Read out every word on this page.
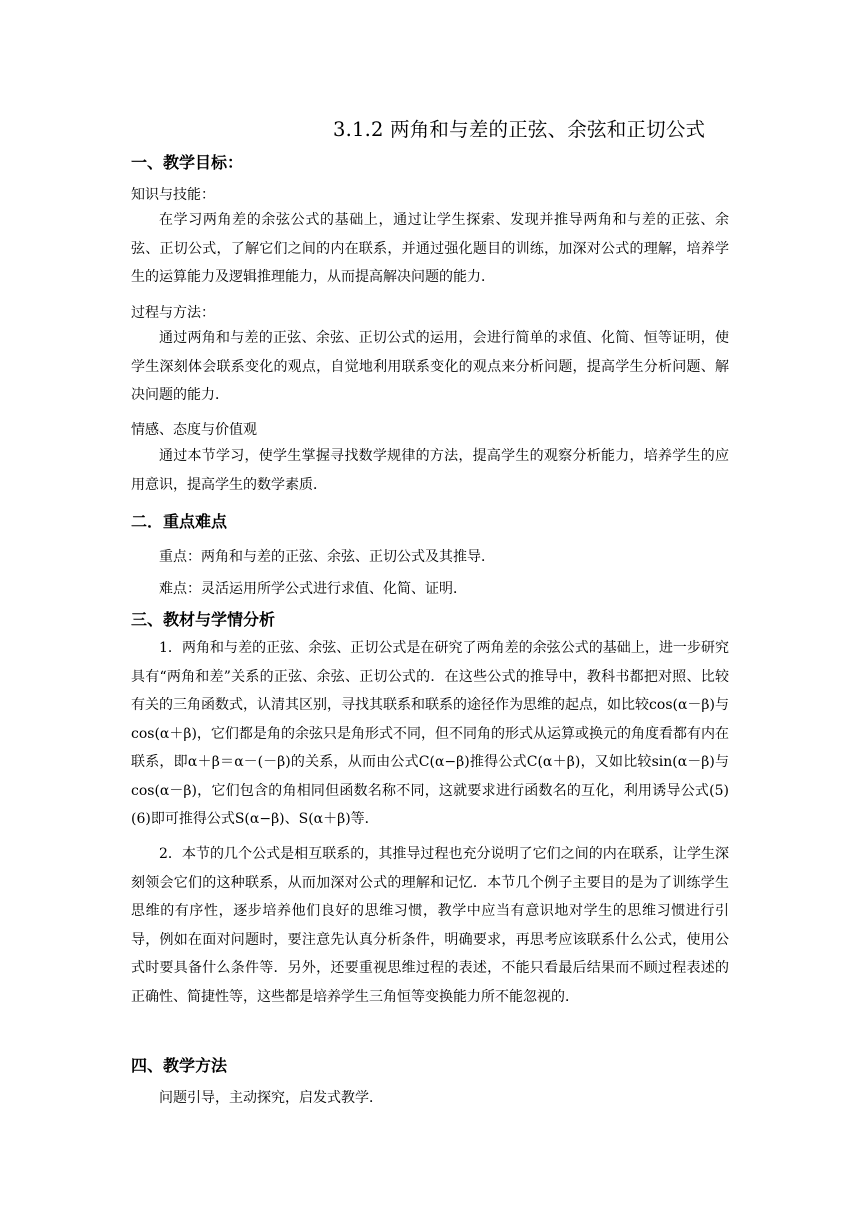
3.1.2 两角和与差的正弦、余弦和正切公式
一、教学目标：
知识与技能：

在学习两角差的余弦公式的基础上，通过让学生探索、发现并推导两角和与差的正弦、余弦、正切公式，了解它们之间的内在联系，并通过强化题目的训练，加深对公式的理解，培养学生的运算能力及逻辑推理能力，从而提高解决问题的能力．

过程与方法：

通过两角和与差的正弦、余弦、正切公式的运用，会进行简单的求值、化简、恒等证明，使学生深刻体会联系变化的观点，自觉地利用联系变化的观点来分析问题，提高学生分析问题、解决问题的能力．

情感、态度与价值观

通过本节学习，使学生掌握寻找数学规律的方法，提高学生的观察分析能力，培养学生的应用意识，提高学生的数学素质．

二．重点难点
重点：两角和与差的正弦、余弦、正切公式及其推导．
难点：灵活运用所学公式进行求值、化简、证明．
三、教材与学情分析

1．两角和与差的正弦、余弦、正切公式是在研究了两角差的余弦公式的基础上，进一步研究具有“两角和差”关系的正弦、余弦、正切公式的．在这些公式的推导中，教科书都把对照、比较有关的三角函数式，认清其区别，寻找其联系和联系的途径作为思维的起点，如比较cos(α－β)与cos(α＋β)，它们都是角的余弦只是角形式不同，但不同角的形式从运算或换元的角度看都有内在联系，即α＋β＝α－(－β)的关系，从而由公式C(α−β)推得公式C(α＋β)，又如比较sin(α－β)与cos(α－β)，它们包含的角相同但函数名称不同，这就要求进行函数名的互化，利用诱导公式(5)(6)即可推得公式S(α−β)、S(α＋β)等．

2．本节的几个公式是相互联系的，其推导过程也充分说明了它们之间的内在联系，让学生深刻领会它们的这种联系，从而加深对公式的理解和记忆．本节几个例子主要目的是为了训练学生思维的有序性，逐步培养他们良好的思维习惯，教学中应当有意识地对学生的思维习惯进行引导，例如在面对问题时，要注意先认真分析条件，明确要求，再思考应该联系什么公式，使用公式时要具备什么条件等．另外，还要重视思维过程的表述，不能只看最后结果而不顾过程表述的正确性、简捷性等，这些都是培养学生三角恒等变换能力所不能忽视的．

四、教学方法
问题引导，主动探究，启发式教学．
